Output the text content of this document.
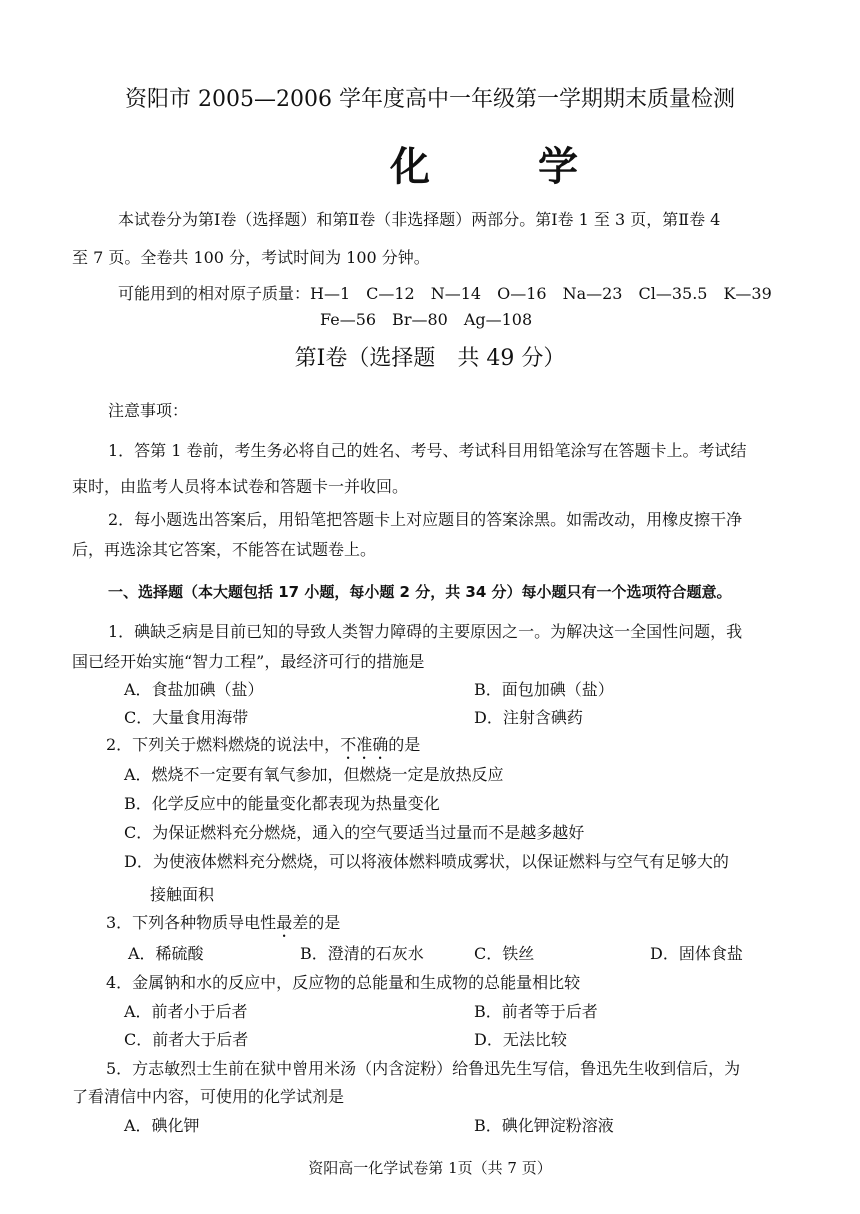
资阳市 2005—2006 学年度高中一年级第一学期期末质量检测
化学
本试卷分为第Ⅰ卷（选择题）和第Ⅱ卷（非选择题）两部分。第Ⅰ卷 1 至 3 页，第Ⅱ卷 4
至 7 页。全卷共 100 分，考试时间为 100 分钟。
可能用到的相对原子质量：H—1　C—12　N—14　O—16　Na—23　Cl—35.5　K—39
Fe—56　Br—80　Ag—108
第Ⅰ卷（选择题　共 49 分）
注意事项：
1．答第 1 卷前，考生务必将自己的姓名、考号、考试科目用铅笔涂写在答题卡上。考试结
束时，由监考人员将本试卷和答题卡一并收回。
2．每小题选出答案后，用铅笔把答题卡上对应题目的答案涂黑。如需改动，用橡皮擦干净
后，再选涂其它答案，不能答在试题卷上。
一、选择题（本大题包括 17 小题，每小题 2 分，共 34 分）每小题只有一个选项符合题意。
1．碘缺乏病是目前已知的导致人类智力障碍的主要原因之一。为解决这一全国性问题，我
国已经开始实施“智力工程”，最经济可行的措施是
A．食盐加碘（盐）	B．面包加碘（盐）
C．大量食用海带	D．注射含碘药
2．下列关于燃料燃烧的说法中，不准确的是
A．燃烧不一定要有氧气参加，但燃烧一定是放热反应
B．化学反应中的能量变化都表现为热量变化
C．为保证燃料充分燃烧，通入的空气要适当过量而不是越多越好
D．为使液体燃料充分燃烧，可以将液体燃料喷成雾状，以保证燃料与空气有足够大的
接触面积
3．下列各种物质导电性最差的是
A．稀硫酸	B．澄清的石灰水	C．铁丝	D．固体食盐
4．金属钠和水的反应中，反应物的总能量和生成物的总能量相比较
A．前者小于后者	B．前者等于后者
C．前者大于后者	D．无法比较
5．方志敏烈士生前在狱中曾用米汤（内含淀粉）给鲁迅先生写信，鲁迅先生收到信后，为
了看清信中内容，可使用的化学试剂是
A．碘化钾	B．碘化钾淀粉溶液
资阳高一化学试卷第 1页（共 7 页）
